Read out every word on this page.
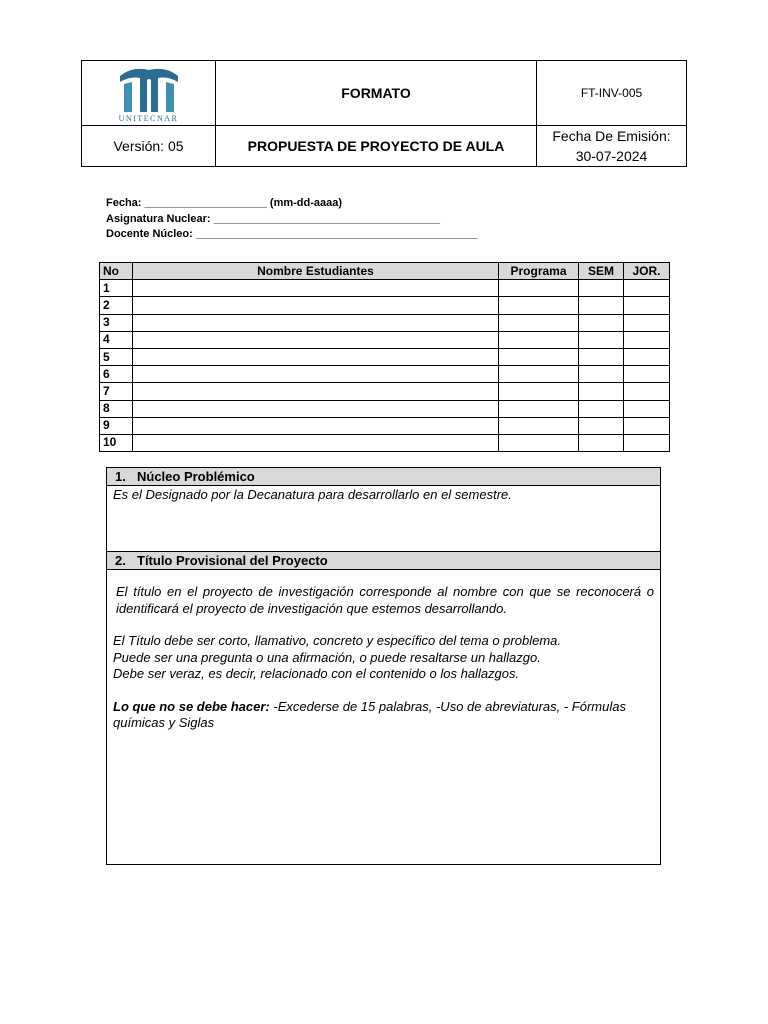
UNITECNAR	FORMATO	FT-INV-005
Versión: 05	PROPUESTA DE PROYECTO DE AULA	Fecha De Emisión:
30-07-2024
Fecha: ____________________ (mm-dd-aaaa)
Asignatura Nuclear: _____________________________________
Docente Núcleo: ______________________________________________
No	Nombre Estudiantes	Programa	SEM	JOR.
1				
2				
3				
4				
5				
6				
7				
8				
9				
10				
1. Núcleo Problémico
Es el Designado por la Decanatura para desarrollarlo en el semestre.
2. Título Provisional del Proyecto

El título en el proyecto de investigación corresponde al nombre con que se reconocerá o identificará el proyecto de investigación que estemos desarrollando.

El Título debe ser corto, llamativo, concreto y específico del tema o problema.
Puede ser una pregunta o una afirmación, o puede resaltarse un hallazgo.
Debe ser veraz, es decir, relacionado con el contenido o los hallazgos.

Lo que no se debe hacer: -Excederse de 15 palabras, -Uso de abreviaturas, - Fórmulas químicas y Siglas
